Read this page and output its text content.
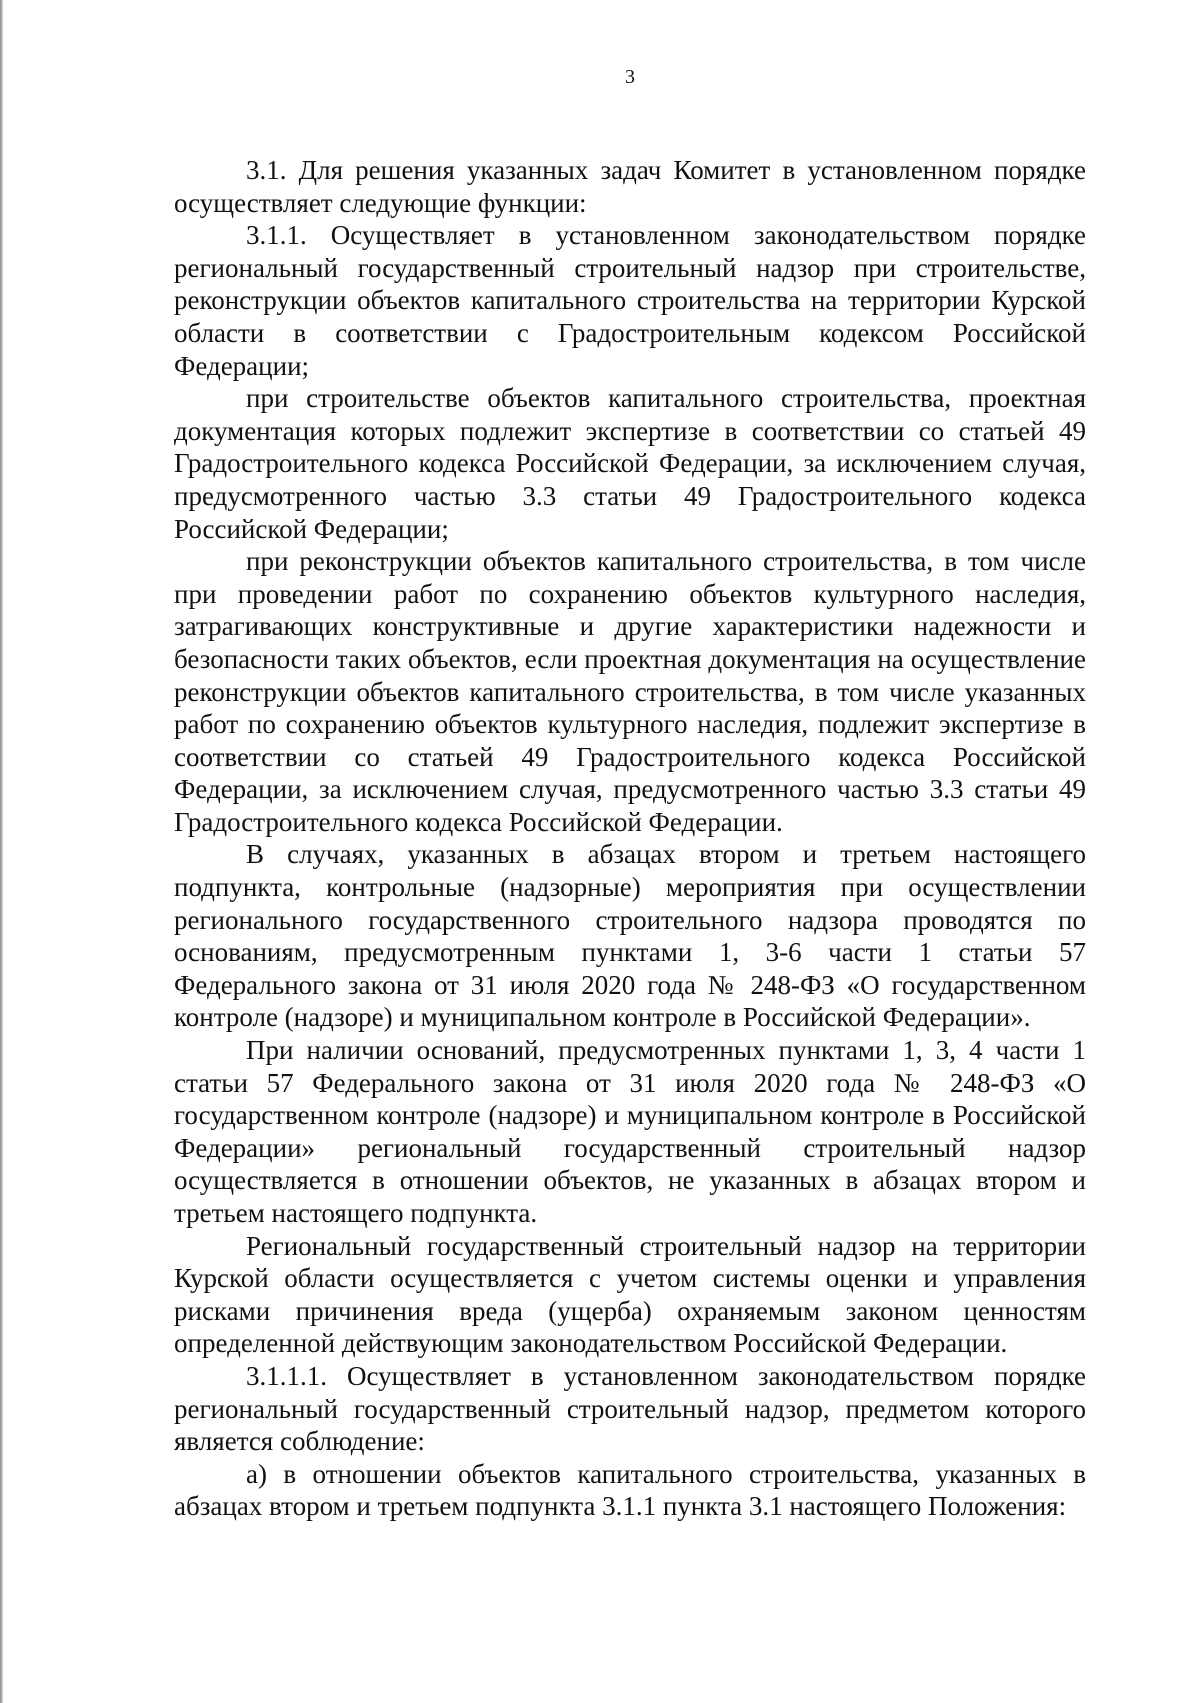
3

3.1. Для решения указанных задач Комитет в установленном порядке осуществляет следующие функции:

3.1.1. Осуществляет в установленном законодательством порядке региональный государственный строительный надзор при строительстве, реконструкции объектов капитального строительства на территории Курской области в соответствии с Градостроительным кодексом Российской Федерации;

при строительстве объектов капитального строительства, проектная документация которых подлежит экспертизе в соответствии со статьей 49 Градостроительного кодекса Российской Федерации, за исключением случая, предусмотренного частью 3.3 статьи 49 Градостроительного кодекса Российской Федерации;

при реконструкции объектов капитального строительства, в том числе при проведении работ по сохранению объектов культурного наследия, затрагивающих конструктивные и другие характеристики надежности и безопасности таких объектов, если проектная документация на осуществление реконструкции объектов капитального строительства, в том числе указанных работ по сохранению объектов культурного наследия, подлежит экспертизе в соответствии со статьей 49 Градостроительного кодекса Российской Федерации, за исключением случая, предусмотренного частью 3.3 статьи 49 Градостроительного кодекса Российской Федерации.

В случаях, указанных в абзацах втором и третьем настоящего подпункта, контрольные (надзорные) мероприятия при осуществлении регионального государственного строительного надзора проводятся по основаниям, предусмотренным пунктами 1, 3-6 части 1 статьи 57 Федерального закона от 31 июля 2020 года № 248-ФЗ «О государственном контроле (надзоре) и муниципальном контроле в Российской Федерации».

При наличии оснований, предусмотренных пунктами 1, 3, 4 части 1 статьи 57 Федерального закона от 31 июля 2020 года № 248-ФЗ «О государственном контроле (надзоре) и муниципальном контроле в Российской Федерации» региональный государственный строительный надзор осуществляется в отношении объектов, не указанных в абзацах втором и третьем настоящего подпункта.

Региональный государственный строительный надзор на территории Курской области осуществляется с учетом системы оценки и управления рисками причинения вреда (ущерба) охраняемым законом ценностям определенной действующим законодательством Российской Федерации.

3.1.1.1. Осуществляет в установленном законодательством порядке региональный государственный строительный надзор, предметом которого является соблюдение:

а) в отношении объектов капитального строительства, указанных в абзацах втором и третьем подпункта 3.1.1 пункта 3.1 настоящего Положения:
